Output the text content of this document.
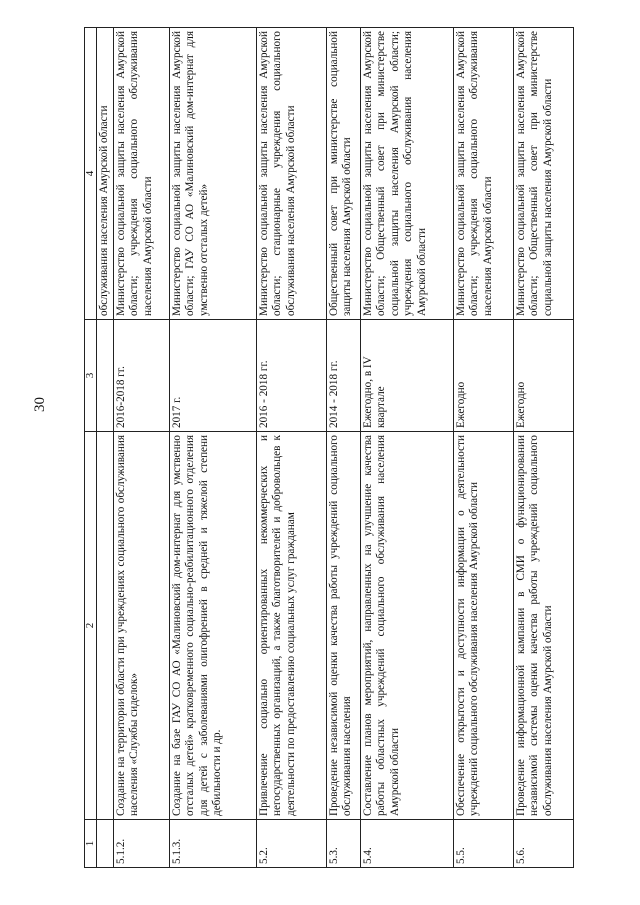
30
1	2	3	4
			обслуживания населения Амурской области
5.1.2.	Создание на территории области при учреждениях социального обслуживания населения «Службы сиделок»	2016-2018 гг.	Министерство социальной защиты населения Амурской области; учреждения социального обслуживания населения Амурской области
5.1.3.	Создание на базе ГАУ СО АО «Малиновский дом-интернат для умственно отсталых детей» кратковременного социально-реабилитационного отделения для детей с заболеваниями олигофренией в средней и тяжелой степени дебильности и др.	2017 г.	Министерство социальной защиты населения Амурской области; ГАУ СО АО «Малиновский дом-интернат для умственно отсталых детей»
5.2.	Привлечение социально ориентированных некоммерческих и негосударственных организаций, а также благотворителей и добровольцев к деятельности по предоставлению социальных услуг гражданам	2016 - 2018 гг.	Министерство социальной защиты населения Амурской области; стационарные учреждения социального обслуживания населения Амурской области
5.3.	Проведение независимой оценки качества работы учреждений социального обслуживания населения	2014 - 2018 гг.	Общественный совет при министерстве социальной защиты населения Амурской области
5.4.	Составление планов мероприятий, направленных на улучшение качества работы областных учреждений социального обслуживания населения Амурской области	Ежегодно, в IV квартале	Министерство социальной защиты населения Амурской области; Общественный совет при министерстве социальной защиты населения Амурской области; учреждения социального обслуживания населения Амурской области
5.5.	Обеспечение открытости и доступности информации о деятельности учреждений социального обслуживания населения Амурской области	Ежегодно	Министерство социальной защиты населения Амурской области; учреждения социального обслуживания населения Амурской области
5.6.	Проведение информационной кампании в СМИ о функционировании независимой системы оценки качества работы учреждений социального обслуживания населения Амурской области	Ежегодно	Министерство социальной защиты населения Амурской области; Общественный совет при министерстве социальной защиты населения Амурской области
